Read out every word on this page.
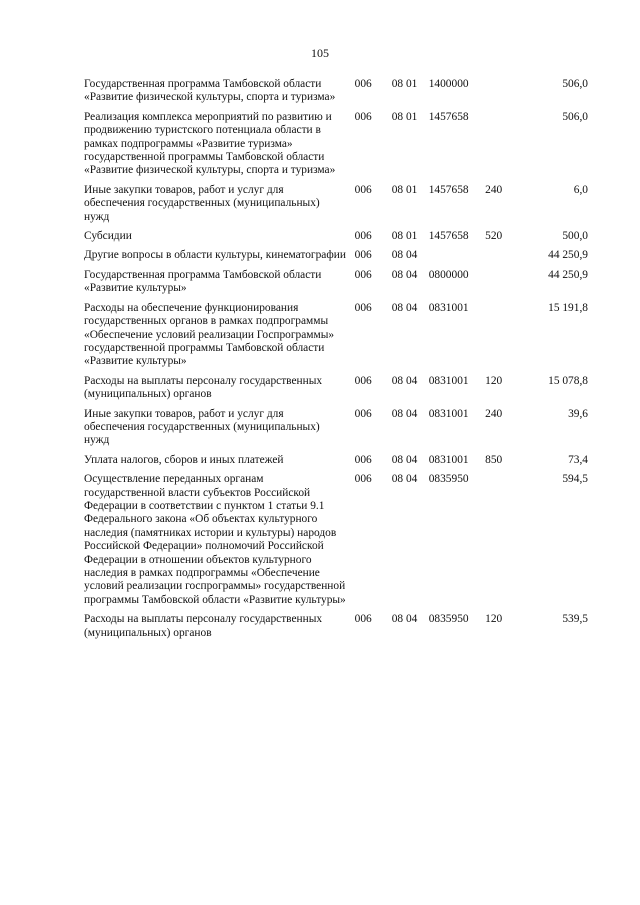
105
Государственная программа Тамбовской области «Развитие физической культуры, спорта и туризма»	006	08 01	1400000		506,0
Реализация комплекса мероприятий по развитию и продвижению туристского потенциала области в рамках подпрограммы «Развитие туризма» государственной программы Тамбовской области «Развитие физической культуры, спорта и туризма»	006	08 01	1457658		506,0
Иные закупки товаров, работ и услуг для обеспечения государственных (муниципальных) нужд	006	08 01	1457658	240	6,0
Субсидии	006	08 01	1457658	520	500,0
Другие вопросы в области культуры, кинематографии	006	08 04			44 250,9
Государственная программа Тамбовской области «Развитие культуры»	006	08 04	0800000		44 250,9
Расходы на обеспечение функционирования государственных органов в рамках подпрограммы «Обеспечение условий реализации Госпрограммы» государственной программы Тамбовской области «Развитие культуры»	006	08 04	0831001		15 191,8
Расходы на выплаты персоналу государственных (муниципальных) органов	006	08 04	0831001	120	15 078,8
Иные закупки товаров, работ и услуг для обеспечения государственных (муниципальных) нужд	006	08 04	0831001	240	39,6
Уплата налогов, сборов и иных платежей	006	08 04	0831001	850	73,4
Осуществление переданных органам государственной власти субъектов Российской Федерации в соответствии с пунктом 1 статьи 9.1 Федерального закона «Об объектах культурного наследия (памятниках истории и культуры) народов Российской Федерации» полномочий Российской Федерации в отношении объектов культурного наследия в рамках подпрограммы «Обеспечение условий реализации госпрограммы» государственной программы Тамбовской области «Развитие культуры»	006	08 04	0835950		594,5
Расходы на выплаты персоналу государственных (муниципальных) органов	006	08 04	0835950	120	539,5
